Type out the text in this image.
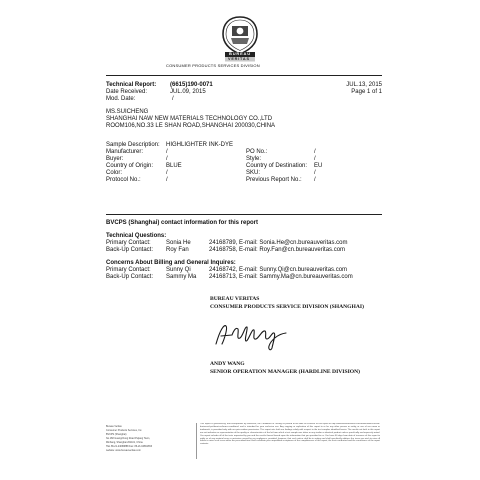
1828
BUREAU
VERITAS
CONSUMER PRODUCTS SERVICES DIVISION
Technical Report: (6615)190-0071
Date Received:	JUL.09, 2015
Mod. Date:	/
JUL.13, 2015
Page 1 of 1
MS.SUICHENG
SHANGHAI NAW NEW MATERIALS TECHNOLOGY CO.,LTD
ROOM106,NO.33 LE SHAN ROAD,SHANGHAI 200030,CHINA
Sample Description: HIGHLIGHTER INK-DYE
Manufacturer:	/
Buyer:	/
Country of Origin: BLUE
Color:	/
Protocol No.:	/
PO No.:	/
Style:	/
Country of Destination: EU
SKU:	/
Previous Report No.: /
BVCPS (Shanghai) contact information for this report
Technical Questions:
Primary Contact:	Sonia He	24168789, E-mail: Sonia.He@cn.bureauveritas.com
Back-Up Contact: Roy Fan	24168758, E-mail: Roy.Fan@cn.bureauveritas.com
Concerns About Billing and General Inquires:
Primary Contact:	Sunny Qi	24168742, E-mail: Sunny.Qi@cn.bureauveritas.com
Back-Up Contact: Sammy Ma 24168713, E-mail: Sammy.Ma@cn.bureauveritas.com
BUREAU VERITAS
CONSUMER PRODUCTS SERVICE DIVISION (SHANGHAI)
ANDY WANG
SENIOR OPERATION MANAGER (HARDLINE DIVISION)
Bureau Veritas
Consumer Products Services, Inc.
BVCPS (Shanghai)
No.168 Guangzhong Road Pujiang Town,
Minhang, Shanghai 201101, China
TEL 86-21-24068888 Fax: 86-21-64891653
website: www.bureauveritas.com
This report is governed by, and incorporates by reference, the Conditions of Testing as posted at the date of issuance of this report at http://www.bureauveritas.com/home/about-us/our-business/cps/about-us/terms-conditions/ and is intended for your exclusive use. Any copying or replication of this report to or for any other person or entity, or use of our name or trademark, is permitted only with our prior written permission. This report sets forth our findings solely with respect to the test samples identified herein. The results set forth in this report are not indicative or representative of the quality or characteristics of the lot from which a test sample was taken or any similar or identical product unless specifically and expressly noted. Our report includes all of the tests requested by you and the results thereof based upon the information that you provided to us. You have 60 days from date of issuance of this report to notify us of any material error or omission caused by our negligence, provided, however, that such notice shall be in writing and shall specifically address the issue you wish to raise. A failure to raise such issue within the prescribed time shall constitute your unqualified acceptance of the completeness of this report, the tests conducted and the correctness of the report contents.
